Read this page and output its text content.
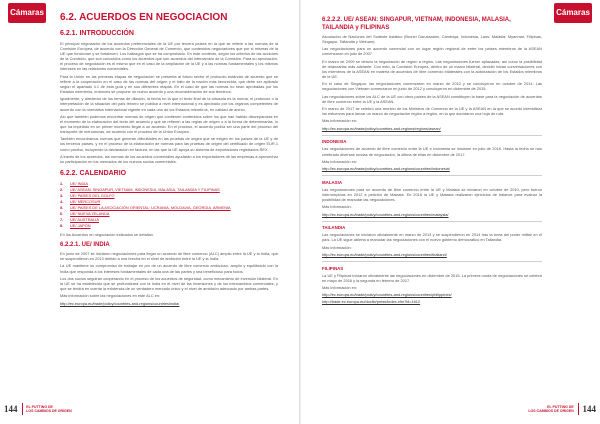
Cámaras	Cámaras
6.2. ACUERDOS EN NEGOCIACIÓN
6.2.1. INTRODUCCIÓN

El principal negociador de los acuerdos preferenciales de la UE por tercera países en la que se refiere a las normas de la Comisión Europea, de acuerdo con la Dirección General de Comercio, que contenidos negociadores que por sí mismas de la UE que funcionan y se fortalecen. Los hallazgos que se ha comprobado. En este contexto, según los criterios de las acciones de la Comisión, que son conocidos como los acuerdos que son acuerdos del intercambio de la Comisión. Para su aprobación, el proceso de negociación es el mismo que en el caso de la ampliación de la UE y a las normas fundamentales y los mismos intereses en las relaciones comerciales.

Para la Unión en las primeras etapas de negociación se presenta al futuro sector el protocolo estándar de acuerdo que se refiere a la cooperación en el caso de las normas del origen y el trato de la nación más favorecida, que debe ser aplicado según el apartado 4.1 de esta guía y en sus diferentes etapas. En el caso de que las normas no sean aprobadas por los Estados miembros, entonces se propone un nuevo acuerdo y una reconsideración de sus términos.

Igualmente, y alrededor de los temas de dilación, la fecha en la que el texto final de la cláusula es la norma, el protocolo o la interpretación de la situación del país tercero se publica a nivel internacional y es aprobado por los órganos competentes de acuerdo con la normativa internacional vigente en cada uno de los Estados miembros, en calidad de anexo.

Así que también podemos encontrar normas de origen que contienen contenidos sobre los que han habido discrepancias en el momento de la elaboración del texto del acuerdo y que se refieren a las reglas de origen o a la forma de determinarlas, lo que ha impedido en un primer momento llegar a un acuerdo. En el proceso, el acuerdo podría ser una parte del proceso del transporte de mercancías, de acuerdo con el proceso de la Unión Europea.

También encontramos normas que generan dificultades en las pruebas de origen que se exigen en los países de la UE y de los terceros países, y en el proceso de la elaboración de normas para las pruebas de origen del certificado de origen EUR.1 como prueba, incluyendo la declaración en factura, en las que la UE apoya su sistema de exportadores registrados REX.

A través de los acuerdos, las normas de los acuerdos comerciales ayudarán a los exportadores de las empresas a aprovechar su participación en los mercados de los nuevos socios comerciales.

6.2.2. CALENDARIO
1.	UE/ INDIA
2.	UE/ ASEAN: SINGAPUR, VIETNAM, INDONESIA, MALASIA, TAILANDIA Y FILIPINAS
3.	UE/ PAÍSES DEL GOLFO
4.	UE/ MERCOSUR
5.	UE/ PAÍSES DE LA ASOCIACIÓN ORIENTAL: UCRANIA, MOLDAVIA, GEORGIA, ARMENIA
6.	UE/ NUEVA ZELANDA
7.	UE/ AUSTRALIA
8.	UE/ JAPÓN

En los Acuerdos en negociación indicados se detallan.

6.2.2.1. UE/ INDIA

En junio de 2007 se iniciaron negociaciones para llegar un acuerdo de libre comercio (ALC) amplio entre la UE y la India, que se suspendieron en 2013 debido a una brecha en el nivel de ambición entre la UE y la India.

La UE mantiene su compromiso de trabajar en pro de un acuerdo de libre comercio ambicioso, amplio y equilibrado con la India que responda a los intereses fundamentales de cada una de las partes y sea beneficioso para todos.

Los dos socios seguirán cooperando en el proceso de los acuerdos de seguridad, como mecanismo de inversión bilateral. En la UE se ha establecido que se profundizará con la India en el nivel de las inversiones y de los intercambios comerciales, y que se tendrá en cuenta la existencia de un verdadero mercado único y el nivel de ambición adecuado por ambas partes.

Más información sobre las negociaciones en este ALC en:

http://ec.europa.eu/trade/policy/countries-and-regions/countries/india/
6.2.2.2. UE/ ASEAN: SINGAPUR, VIETNAM, INDONESIA, MALASIA, TAILANDIA y FILIPINAS

Asociación de Naciones del Sudeste Asiático (Brunei Darussalam, Camboya, Indonesia, Laos, Malasia, Myanmar, Filipinas, Singapur, Tailandia y Vietnam).

Las negociaciones para un acuerdo comercial con un lugar región regional de entre los países miembros de la ASEAN comenzaron en julio de 2007.

En marzo de 2009 se detuvo la negociación de región a región. Las negociaciones fueron aplazadas, así como la posibilidad de relanzarlas más adelante. Con esto, la Comisión Europea, dentro de un marco bilateral, decidió iniciar conversaciones con los miembros de la ASEAN en materia de acuerdos de libre comercio bilaterales con la autorización de los Estados miembros de la UE.

En el caso de Singapur, las negociaciones comenzaron en marzo de 2010 y se concluyeron en octubre de 2014. Las negociaciones con Vietnam comenzaron en junio de 2012 y concluyeron en diciembre de 2015.

Las negociaciones sobre los ALC de la UE con otros países de la ASEAN constituyen la base para la negociación de acuerdos de libre comercio entre la UE y la ASEAN.

En marzo de 2017 se celebró una reunión de los Ministros de Comercio de la UE y la ASEAN en la que se acordó intensificar los esfuerzos para lanzar un marco de negociación región a región, en la que acordaron una hoja de ruta.

Más información en:

http://ec.europa.eu/trade/policy/countries-and-regions/regions/asean/
INDONESIA

Las negociaciones de acuerdo de libre comercio entre la UE e Indonesia se iniciaron en julio de 2016. Hasta la fecha se han celebrado diversas rondas de negociación, la última de ellas en diciembre de 2017.

Más información en:

http://ec.europa.eu/trade/policy/countries-and-regions/countries/indonesia/
MALASIA

Las negociaciones para un acuerdo de libre comercio entre la UE y Malasia se iniciaron en octubre de 2010, pero fueron interrumpidas en 2012 a petición de Malasia. En 2016 la UE y Malasia realizaron ejercicios de balance para evaluar la posibilidad de reanudar las negociaciones.

Más información:

http://ec.europa.eu/trade/policy/countries-and-regions/countries/malaysia/
TAILANDIA

Las negociaciones se iniciaron oficialmente en marzo de 2013 y se suspendieron en 2014 tras la toma del poder militar en el país. La UE sigue abierta a reanudar las negociaciones con el nuevo gobierno democrático en Tailandia.

Más información:

http://ec.europa.eu/trade/policy/countries-and-regions/countries/thailand/
FILIPINAS

La UE y Filipinas iniciaron oficialmente las negociaciones en diciembre de 2015. La primera ronda de negociaciones se celebró en mayo de 2016 y la segunda en febrero de 2017.

Más información en:

http://ec.europa.eu/trade/policy/countries-and-regions/countries/philippines/
http://trade.ec.europa.eu/doclib/press/index.cfm?id=1612
144	EL PUTTING DE
LOS CAMBIOS DE ORIGEN	144
EL PUTTING DE
LOS CAMBIOS DE ORIGEN
